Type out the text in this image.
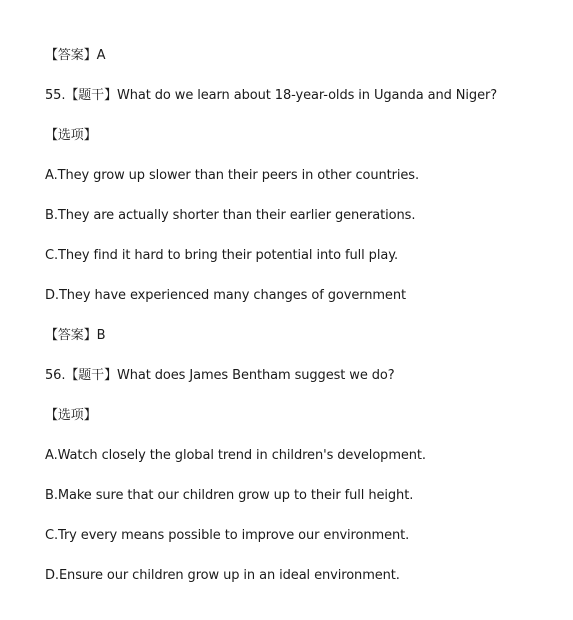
【答案】A
55.【题干】What do we learn about 18-year-olds in Uganda and Niger?
【选项】
A.They grow up slower than their peers in other countries.
B.They are actually shorter than their earlier generations.
C.They find it hard to bring their potential into full play.
D.They have experienced many changes of government
【答案】B
56.【题干】What does James Bentham suggest we do?
【选项】
A.Watch closely the global trend in children's development.
B.Make sure that our children grow up to their full height.
C.Try every means possible to improve our environment.
D.Ensure our children grow up in an ideal environment.
